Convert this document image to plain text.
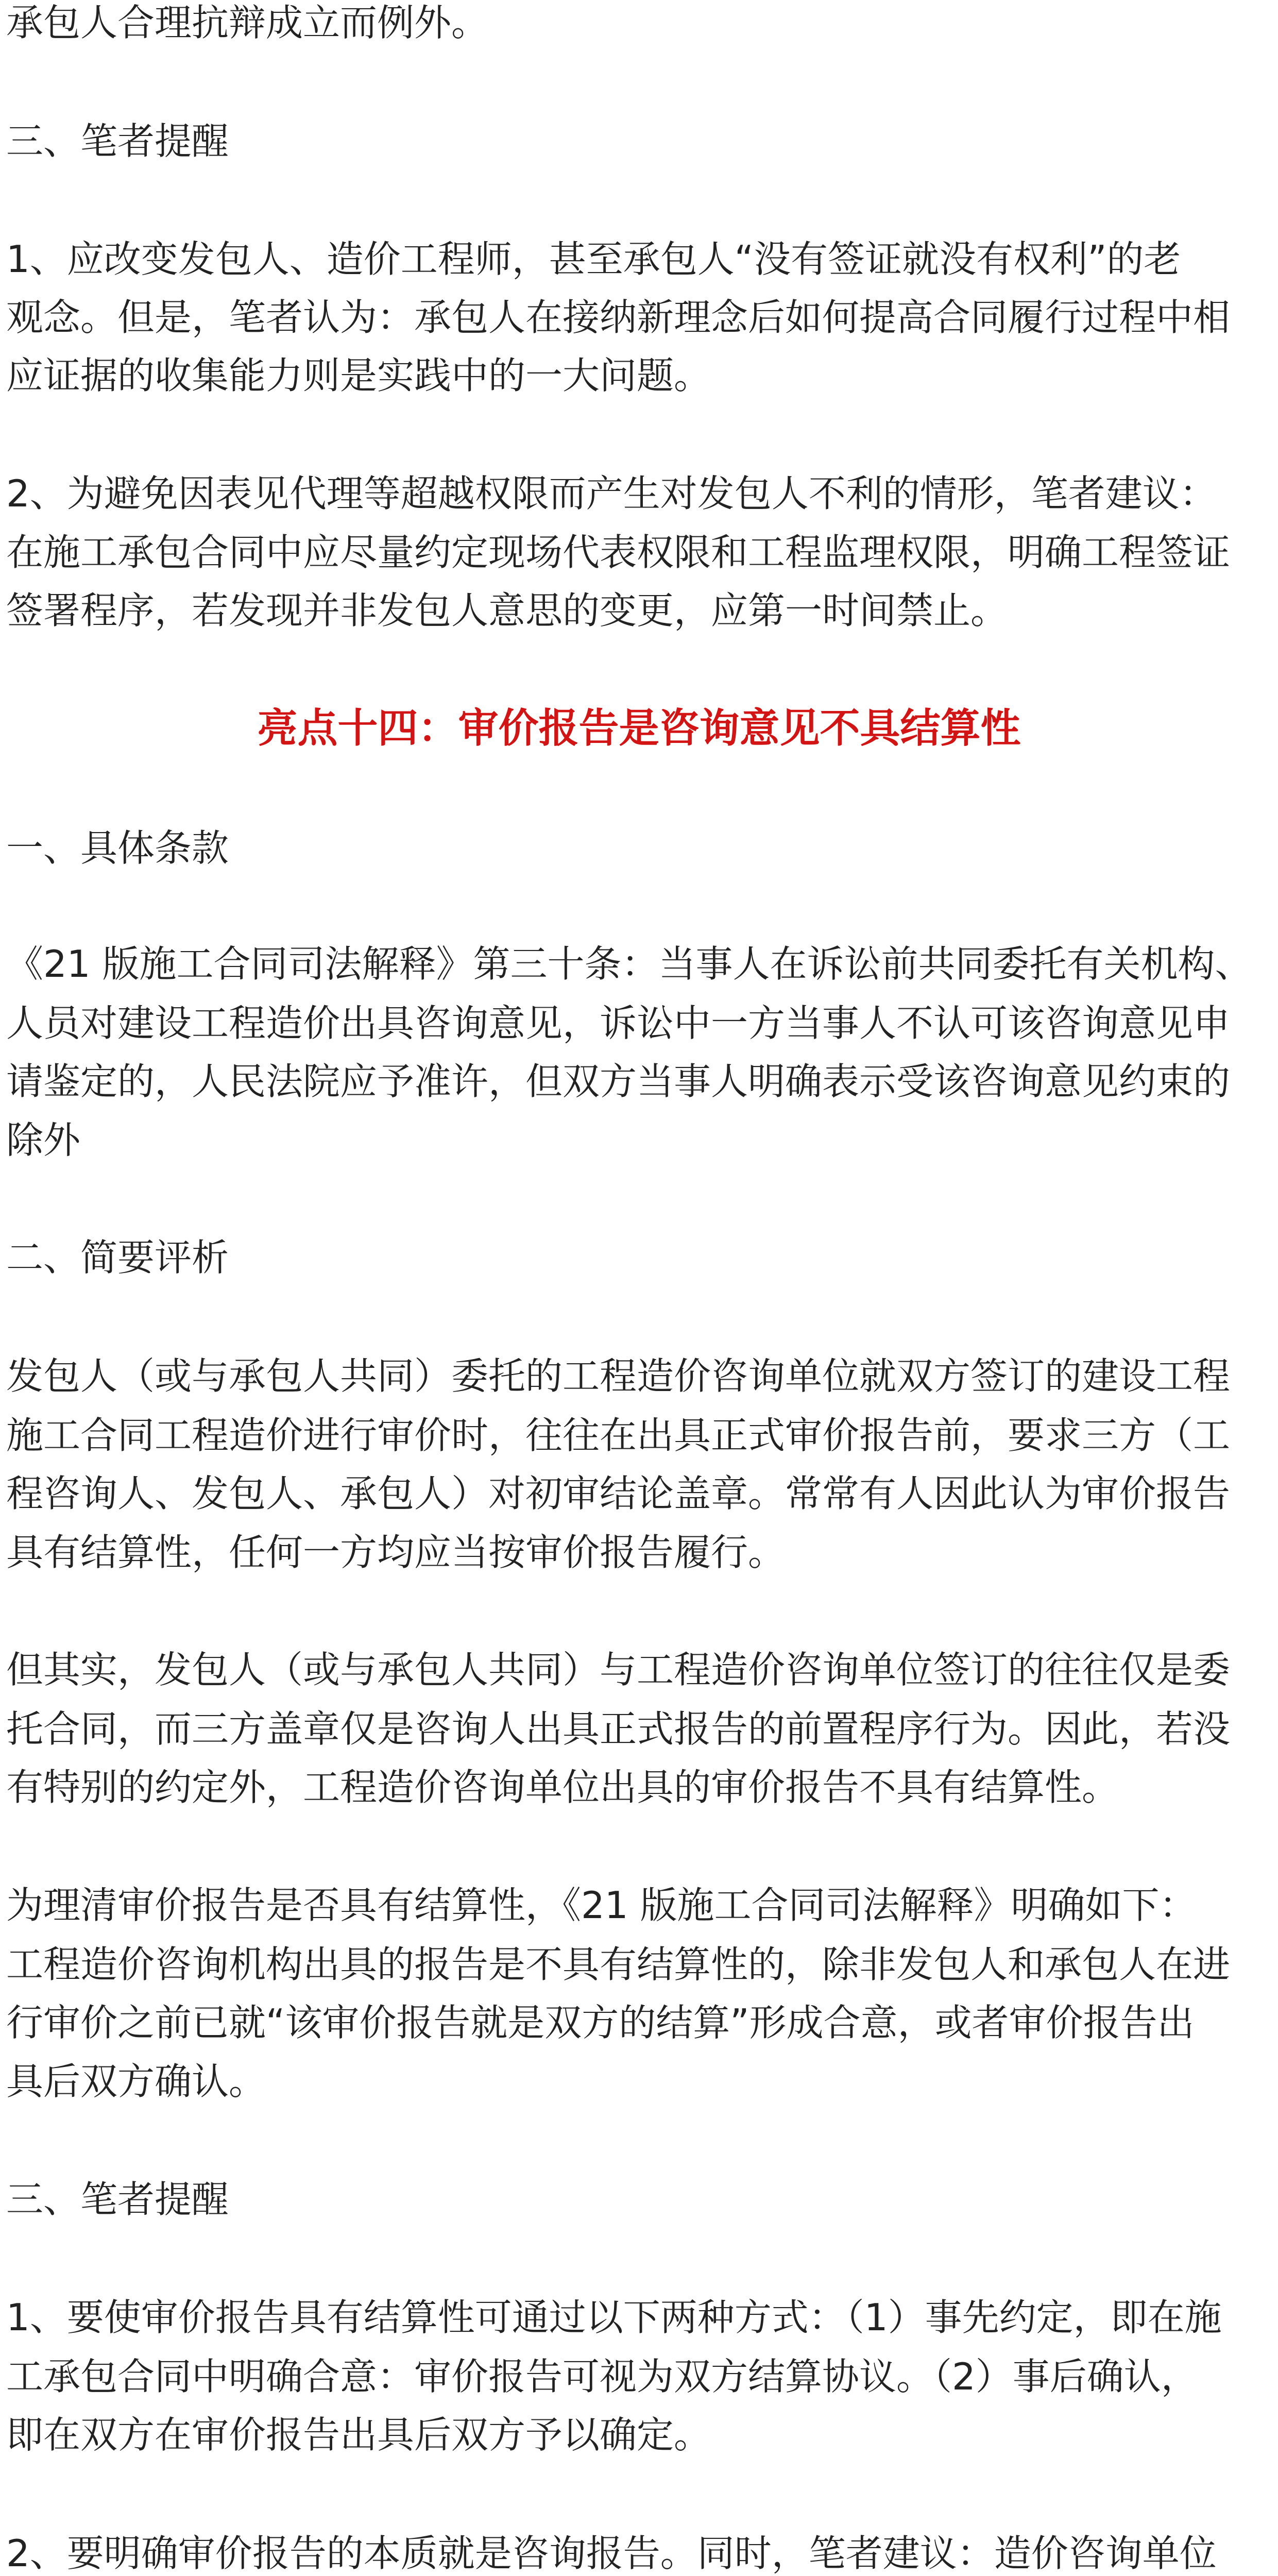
承包人合理抗辩成立而例外。

三、笔者提醒

1、应改变发包人、造价工程师，甚至承包人“没有签证就没有权利”的老

观念。但是，笔者认为：承包人在接纳新理念后如何提高合同履行过程中相

应证据的收集能力则是实践中的一大问题。

2、为避免因表见代理等超越权限而产生对发包人不利的情形，笔者建议：

在施工承包合同中应尽量约定现场代表权限和工程监理权限，明确工程签证

签署程序，若发现并非发包人意思的变更，应第一时间禁止。

亮点十四：审价报告是咨询意见不具结算性

一、具体条款

《21 版施工合同司法解释》第三十条：当事人在诉讼前共同委托有关机构、

人员对建设工程造价出具咨询意见，诉讼中一方当事人不认可该咨询意见申

请鉴定的，人民法院应予准许，但双方当事人明确表示受该咨询意见约束的

除外

二、简要评析

发包人（或与承包人共同）委托的工程造价咨询单位就双方签订的建设工程

施工合同工程造价进行审价时，往往在出具正式审价报告前，要求三方（工

程咨询人、发包人、承包人）对初审结论盖章。常常有人因此认为审价报告

具有结算性，任何一方均应当按审价报告履行。

但其实，发包人（或与承包人共同）与工程造价咨询单位签订的往往仅是委

托合同，而三方盖章仅是咨询人出具正式报告的前置程序行为。因此，若没

有特别的约定外，工程造价咨询单位出具的审价报告不具有结算性。

为理清审价报告是否具有结算性，《21 版施工合同司法解释》明确如下：

工程造价咨询机构出具的报告是不具有结算性的，除非发包人和承包人在进

行审价之前已就“该审价报告就是双方的结算”形成合意，或者审价报告出

具后双方确认。

三、笔者提醒

1、要使审价报告具有结算性可通过以下两种方式：（1）事先约定，即在施

工承包合同中明确合意：审价报告可视为双方结算协议。（2）事后确认，

即在双方在审价报告出具后双方予以确定。

2、要明确审价报告的本质就是咨询报告。同时，笔者建议：造价咨询单位
